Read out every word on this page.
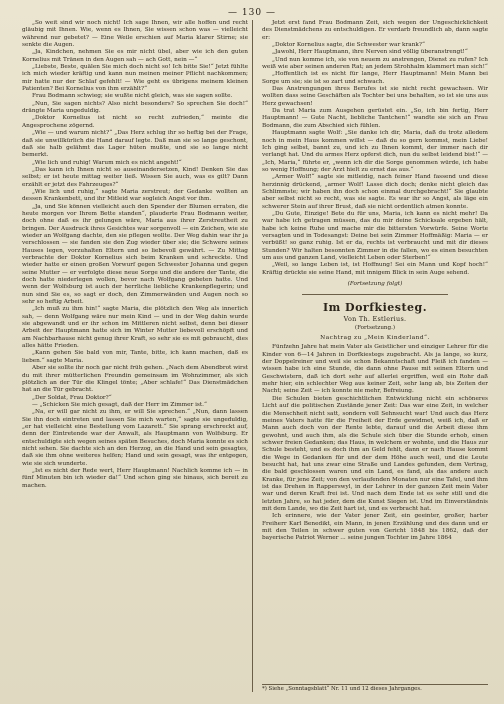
— 130 —

„So weit sind wir noch nicht! Ich sage Ihnen, wir alle hoffen und recht gläubig mit Ihnen. Wie, wenn es Ihnen, Sie wissen schon was — vielleicht während nur gebetet? — Eine Weile erschien auf Maria klarer Stirne; sie senkte die Augen.

„Ja, Kindchen, nehmen Sie es mir nicht übel, aber wie ich den guten Kornelius mit Tränen in den Augen sah — ach Gott, nein —“

„Liebste, Beste, quälen Sie mich doch nicht so! Ich bitte Sie!“ Jetzt fühlte ich mich wieder kräftig und kann nun meinen meiner Pflicht nachkommen; mir hatte nur der Schlaf gefehlt! — Wie geht es übrigens meinem kleinen Patienten? Bei Kornelius von ihm erzählt?“

Frau Bodmann schwieg; sie wußte nicht gleich, was sie sagen sollte.

„Nun, Sie sagen nichts? Also nicht besonders? So sprechen Sie doch!“ drängte Maria ungeduldig.

„Doktor Kornelius ist nicht so recht zufrieden,“ meinte die Angesprochene zögernd.

„Wie — und warum nicht?“ „Das Herz schlug ihr so heftig bei der Frage, daß sie unwillkürlich die Hand darauf legte. Daß man sie so lange geschont, daß sie halb gelähmt das Lager hüten mußte, und sie so lange nicht bemerkt.

„Wie lich und ruhig! Warum mich es nicht angeht!“

„Das kann ich Ihnen nicht so auseinandersetzen, Kind! Denken Sie das selbst; er ist heute mittag weiter ließ. Wissen Sie auch, was es gilt? Dann erzählt er jetzt des Fahrzeuges?“

„Wie lich und ruhig,“ sagte Maria zerstreut; der Gedanke wollten an dessen Krankenbett, und ihr Mitleid war sogleich Angst vor ihm.

„Ja, und Sie können vielleicht auch den Spender der Blumen erraten, die heute morgen vor Ihrem Bette standen“, plauderte Frau Bodmann weiter, doch ohne daß es ihr gelungen wäre, Maria aus ihrer Zerstreutheit zu bringen. Der Ausdruck ihres Gesichtes war sorgenvoll — ein Zeichen, wie sie wieder an Wolfgang dachte, den sie pflegen wollte. Der Weg dahin war ihr ja verschlossen — sie fanden sie den Zug wieder über sie; die Schwere seines Hauses legen, vorzuhalten Eltern und so liebevoll gewährt. — Zu Mittag verbrachte der Doktor Kornelius sich beim Kranken und schreckte. Und wieder hatte er einen großen Vorwurf gegen Schwester Johanna und gegen seine Mutter — er verfolgte diese neue Sorge und die andere der Tante, die doch hatte niederlegen wollen, bevor nach Wolfgang gebeten hatte. Und wenn der Wolfsburg ist auch der herrliche liebliche Krankenpflegerin; und nun sind Sie es, so sagt er doch, den Zimmerwänden und Augen noch so sehr so heftig Arbeit.

„Ich muß zu ihm hin!“ sagte Maria, die plötzlich den Weg als innerlich sah, — denn Wolfgang wäre nur mein Kind — und in der Weg dahin wurde sie abgewandt und er ihr schon im Mittleren nicht selbst, denn bei dieser Arbeit der Hauptmann hatte sich im Winter Mutter liebevoll erschöpft und am Nachbarhause nicht genug ihrer Kraft, so sehr sie es mit gebraucht, dies alles hätte Frieden.

„Kann gehen Sie bald von mir, Tante, bitte, ich kann machen, daß es lieben.“ sagte Maria.

Aber sie sollte ihr noch gar nicht früh gehen. „Nach dem Abendbrot wirst du mit ihrer mütterlichen Freundin gemeinsam im Wohnzimmer, als sich plötzlich an der Tür die Klingel tönte; „Aber schlafe!“ Das Dienstmädchen hat an die Tür gebracht.

„Der Soldat, Frau Doktor?“

— „Schicken Sie mich gesagt, daß der Herr im Zimmer ist.“

„Na, er will gar nicht zu ihm, er will Sie sprechen.“ „Nun, dann lassen Sie ihn doch eintreten und lassen Sie mich warten,“ sagte sie ungeduldig, „er hat vielleicht eine Bestellung vom Lazarett.“ Sie sprang erschreckt auf, denn der Eintretende war der Anwalt, als Hauptmann von Wolfsburg. Er entschuldigte sich wegen seines späten Besuches, doch Maria konnte es sich nicht sehen. Sie dachte sich an den Herzog, an die Hand und sein gesagtes, daß sie ihm ohne weiteres helfen; Hand und sein gesagt, was ihr entgegen, wie sie sich wunderte.

„Ist es nicht der Rede wert, Herr Hauptmann! Nachlich komme ich — in fünf Minuten bin ich wieder da!“ Und schon ging sie hinaus, sich bereit zu machen.

Jetzt erst fand Frau Bodmann Zeit, sich wegen der Ungeschicklichkeit des Dienstmädchens zu entschuldigen. Er verdarb freundlich ab, dann sagte er:

„Doktor Kornelius sagte, die Schwester war krank?“

„Jawohl, Herr Hauptmann, ihre Nerven sind völlig überanstrengt!“

„Und nun komme ich, sie von neuem zu anstrengen, Dienst zu rufen? Ich weiß wie aber seinen anderen Rat; an jedem Strohhalm klammert man sich!“

„Hoffentlich ist es nicht für lange, Herr Hauptmann! Mein Mann bei Sorge um sie; sie ist so zart und schwach.

Das Anstrengungen ihres Berufes ist sie nicht recht gewachsen. Wir wollten dass seine Geschäften als Tochter bei uns behalten, so ist sie uns aus Herz gewachsen!

Da trat Maria zum Ausgehen gerüstet ein. „So, ich bin fertig, Herr Hauptmann! — Gute Nacht, liebliche Tantchen!“ wandte sie sich an Frau Bodmann, die zum Abschied sich fühlen.

Hauptmann sagte Wolf: „Sie danke ich dir, Maria, daß du trotz alledem noch in mein Haus kommen willst — daß du so gern kommst, mein Liebe! Ich ging selbst, bannt zu, und ich zu Ihnen kommt, der immer nach dir verlangt hat. Und du armes Herz opferst dich, nun du selbst leidend bist!“ — „Ich, Maria,“ führte er, „wenn ich dir die Sorge genommen würde, ich habe so wenig Hoffnung; der Arzt hielt zu ernst das aus.“

„Armer Wolf!“ sagte sie mitleidig, nach feiner Hand fassend und diese herzinnig drückend, „armer Wolf! Lasse dich doch; denke nicht gleich das Schlimmste; wir haben ihn doch schon einmal durchgebracht!“ Sie glaubte aber selbst nicht so recht, was sie sagte. Es war ihr so Angst, als läge ein schwerer Stein auf ihrer Brust, daß sie nicht ordentlich atmen konnte.

„Du Gute, Einzige! Bete du für uns, Maria, ich kann es nicht mehr! Da war habe ich getragen müssen, das du mir deine Schicksale ergeben hält, habe ich keine Ruhe und mache mir die bittersten Vorwürfe. Seine Worte versagten und in Todesangst: Deine bei sein Zimmer Hoffmäßig: Maria — er verbüßt! so ganz ruhig. Ist er da, rechts ist verbraucht und mit dir dieses Stunden? Wir halten besonnten Zimmer in die fallen, wo es einen besuchten um aus und ganzen Land, vielleicht Leben oder Sterben!“

„Weil, so lange Leben ist, ist Hoffnung! Sei ein Mann und Kopf hoch!“ Kräftig drückte sie seine Hand, mit innigem Blick in sein Auge sehend.

(Fortsetzung folgt)

Im Dorfkiesteg.

Von Th. Estlerius.

(Fortsetzung.)

Nachtrag zu „Mein Kinderland“.

Fünfzehn Jahre hat mein Vater als Geistlicher und einziger Lehrer für die Kinder von 6—14 Jahren in Dorfkiestegs zugebracht. Als ja lange, so kurz, der Doppelreiner und weil sie schon Bekanntschaft und Fleiß ich fanden — wissen habe ich eine Stunde, die dann ohne Pause mit seinen Eltern und Geschwistern, daß ich dort sehr auf allerlei ergriffen, weil ein Rohr daß mehr hier, ein schlechter Weg aus keiner Zeit, sehr lang ab, bis Zeiten der Nacht; seine Zeit — ich konnte nie mehr, Befreiung.

Die Schulen bieten geschichtlichen Entwicklung nicht ein schöneres Licht auf die politischen Zustände jener Zeit: Das war eine Zeit, in welcher die Menschheit nicht satt, sondern voll Sehnsucht war! Und auch das Herz meines Vaters hatte für die Freiheit der Erde gewidmet, weiß ich, daß er Mann auch doch von der Rente lebte, darauf und die Arbeit diese ihm gewohnt, und auch ihm, als die Schule sich über die Stunde erhob, einen schwer freien Gedanken; das Haus, in welchem er wohnte, und die Haus zur Schule besteht, und es doch ihm an Geld fehlt, dann er nach Hause kommt die Wege in Gedanken für und der dem Höhe auch weil, und die Leute besucht hat, hat uns zwar eine Straße und Landes gefunden, dem Vertrag, die bald geschlossen waren und ein Land, es fand, als das andere auch Kranke, für jene Zeit; von den verlaufenden Monaten nur eine Tafel, und ihm ist das Drehen in Rapperswyl, in der Lehrer in der ganzen Zeit mein Vater war und deren Kraft frei ist. Und nach dem Ende ist es sehr still und die letzten Jahre, so hat jeder, dem die Kunst Siegen ist. Und im Einverständnis mit dem Lande, wo die Zeit hart ist, und es verbracht hat.

Ich erinnere, wie der Vater jener Zeit, ein geeinter, großer, harter Freiherr Karl Benedikt, ein Mann, in jenen Erzählung und des dann und er mit den Teilen in schwer guten von Gericht 1848 bis 1862, daß der bayerische Patriot Werner ... seine jungen Tochter im Jahre 1864

*) Siehe „Sonntagsblatt“ Nr. 11 und 12 dieses Jahrganges.
